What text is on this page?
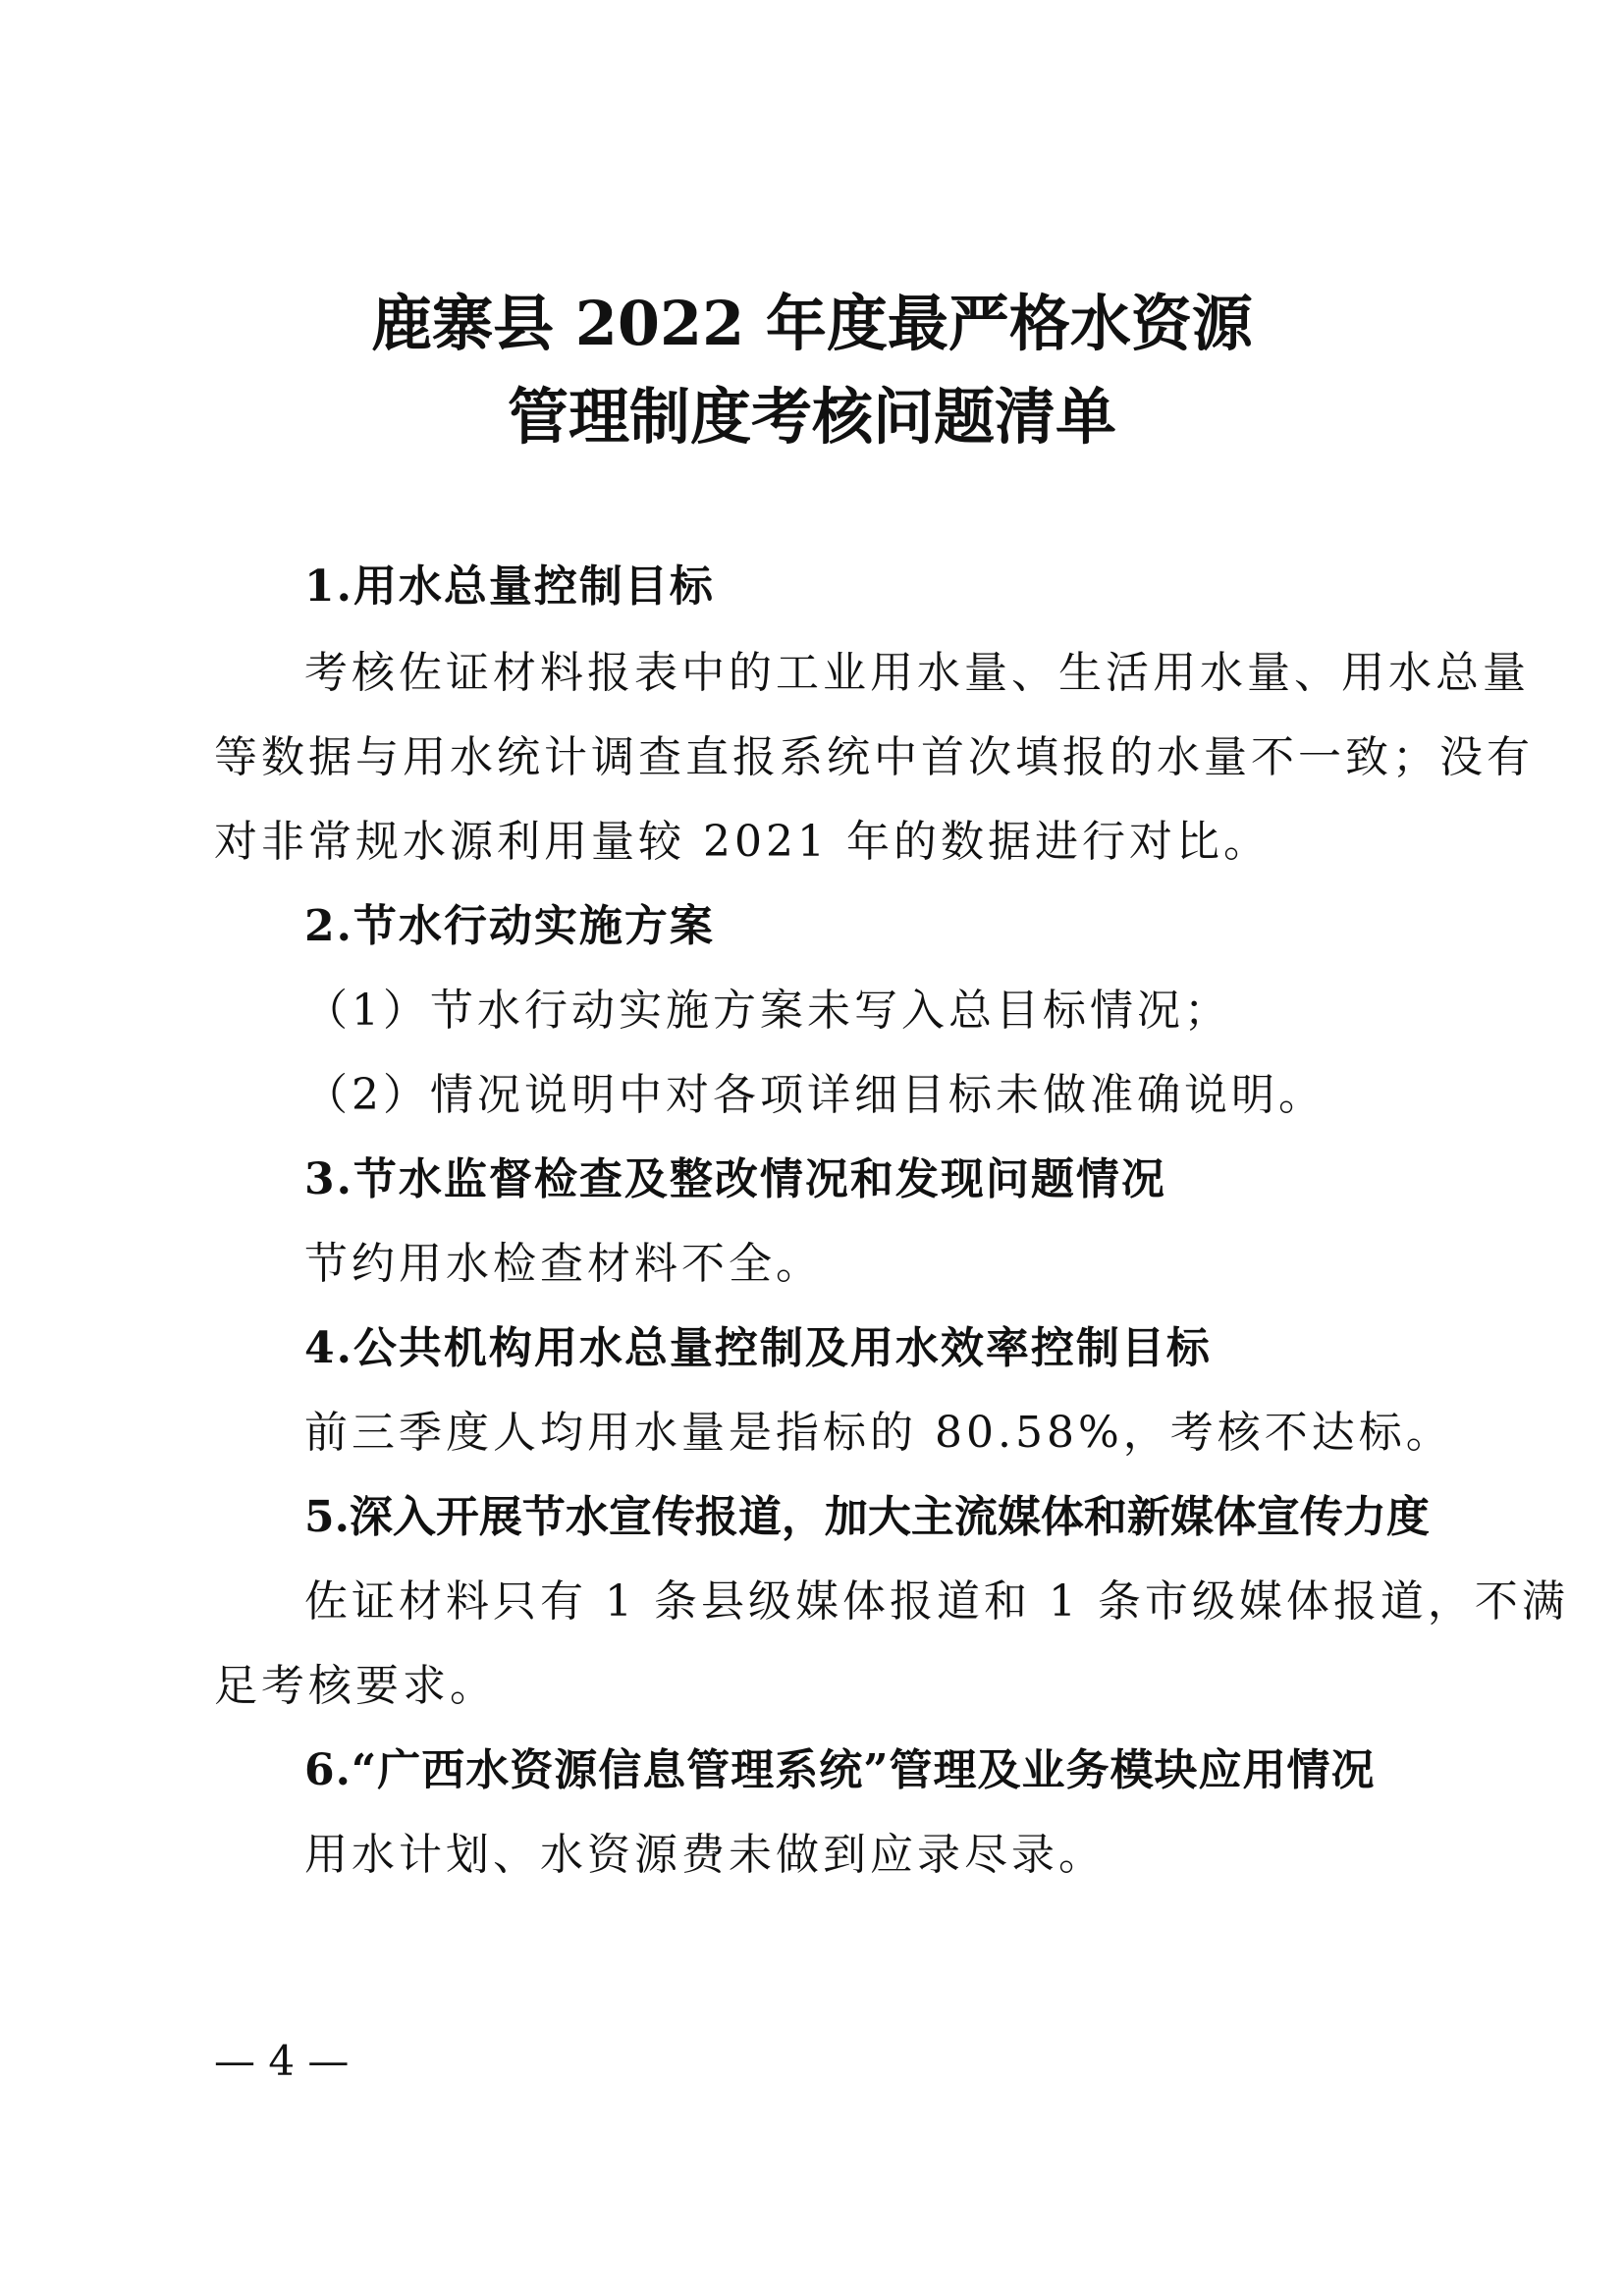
鹿寨县 2022 年度最严格水资源
管理制度考核问题清单
1.用水总量控制目标
考核佐证材料报表中的工业用水量、生活用水量、用水总量
等数据与用水统计调查直报系统中首次填报的水量不一致；没有
对非常规水源利用量较 2021 年的数据进行对比。
2.节水行动实施方案
（1）节水行动实施方案未写入总目标情况；
（2）情况说明中对各项详细目标未做准确说明。
3.节水监督检查及整改情况和发现问题情况
节约用水检查材料不全。
4.公共机构用水总量控制及用水效率控制目标
前三季度人均用水量是指标的 80.58%，考核不达标。
5.深入开展节水宣传报道，加大主流媒体和新媒体宣传力度
佐证材料只有 1 条县级媒体报道和 1 条市级媒体报道，不满
足考核要求。
6.“广西水资源信息管理系统”管理及业务模块应用情况
用水计划、水资源费未做到应录尽录。
— 4 —
